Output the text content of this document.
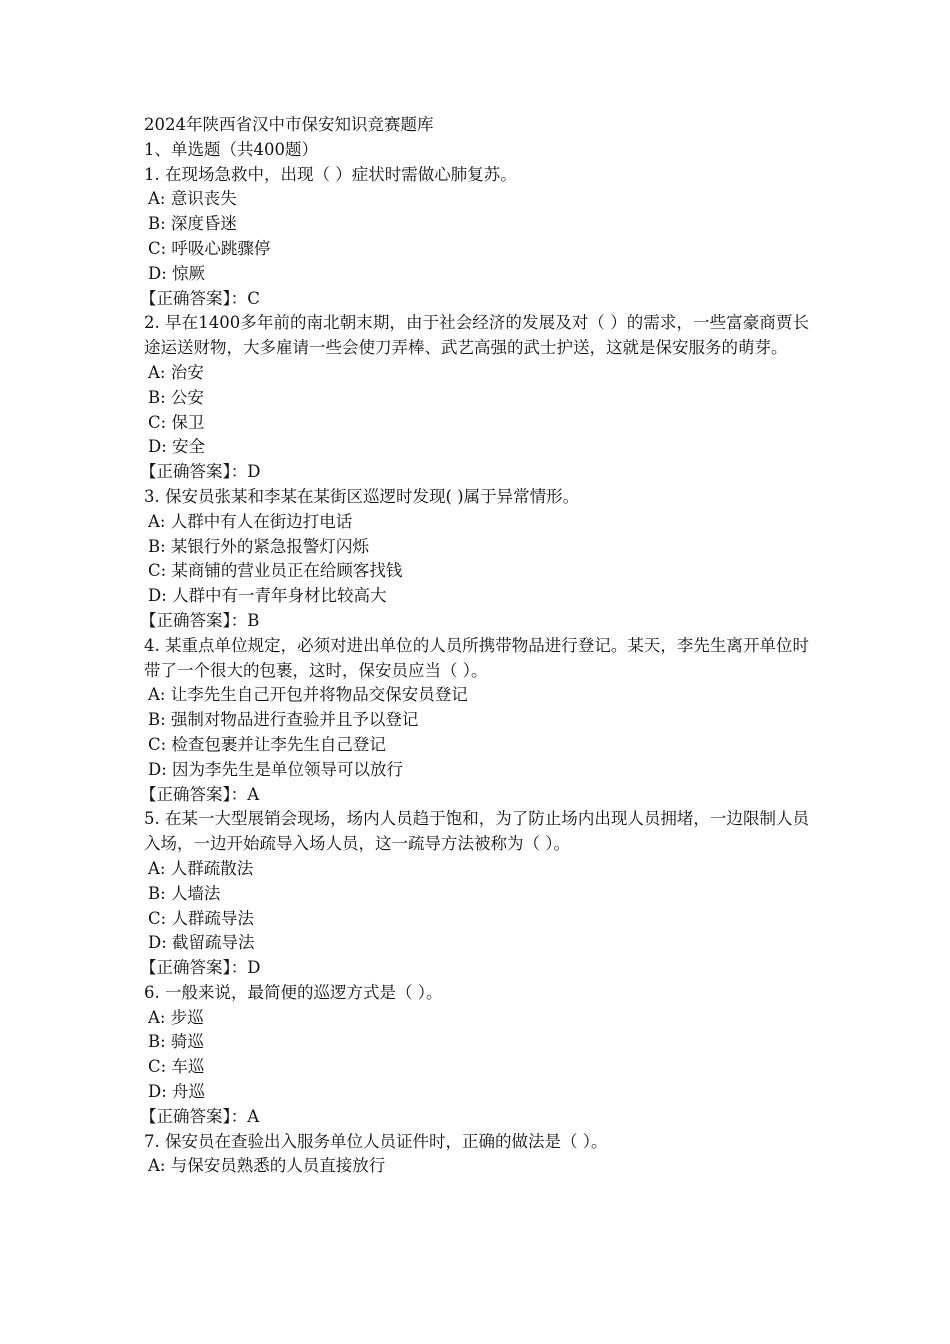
2024年陕西省汉中市保安知识竞赛题库
1、单选题（共400题）
1. 在现场急救中，出现（ ）症状时需做心肺复苏。
A: 意识丧失
B: 深度昏迷
C: 呼吸心跳骤停
D: 惊厥
【正确答案】：C
2. 早在1400多年前的南北朝末期，由于社会经济的发展及对（ ）的需求，一些富豪商贾长途运送财物，大多雇请一些会使刀弄棒、武艺高强的武士护送，这就是保安服务的萌芽。
A: 治安
B: 公安
C: 保卫
D: 安全
【正确答案】：D
3. 保安员张某和李某在某街区巡逻时发现( )属于异常情形。
A: 人群中有人在街边打电话
B: 某银行外的紧急报警灯闪烁
C: 某商铺的营业员正在给顾客找钱
D: 人群中有一青年身材比较高大
【正确答案】：B
4. 某重点单位规定，必须对进出单位的人员所携带物品进行登记。某天，李先生离开单位时带了一个很大的包裹，这时，保安员应当（ ）。
A: 让李先生自己开包并将物品交保安员登记
B: 强制对物品进行查验并且予以登记
C: 检查包裹并让李先生自己登记
D: 因为李先生是单位领导可以放行
【正确答案】：A
5. 在某一大型展销会现场，场内人员趋于饱和，为了防止场内出现人员拥堵，一边限制人员入场，一边开始疏导入场人员，这一疏导方法被称为（ ）。
A: 人群疏散法
B: 人墙法
C: 人群疏导法
D: 截留疏导法
【正确答案】：D
6. 一般来说，最简便的巡逻方式是（ ）。
A: 步巡
B: 骑巡
C: 车巡
D: 舟巡
【正确答案】：A
7. 保安员在查验出入服务单位人员证件时，正确的做法是（ ）。
A: 与保安员熟悉的人员直接放行
